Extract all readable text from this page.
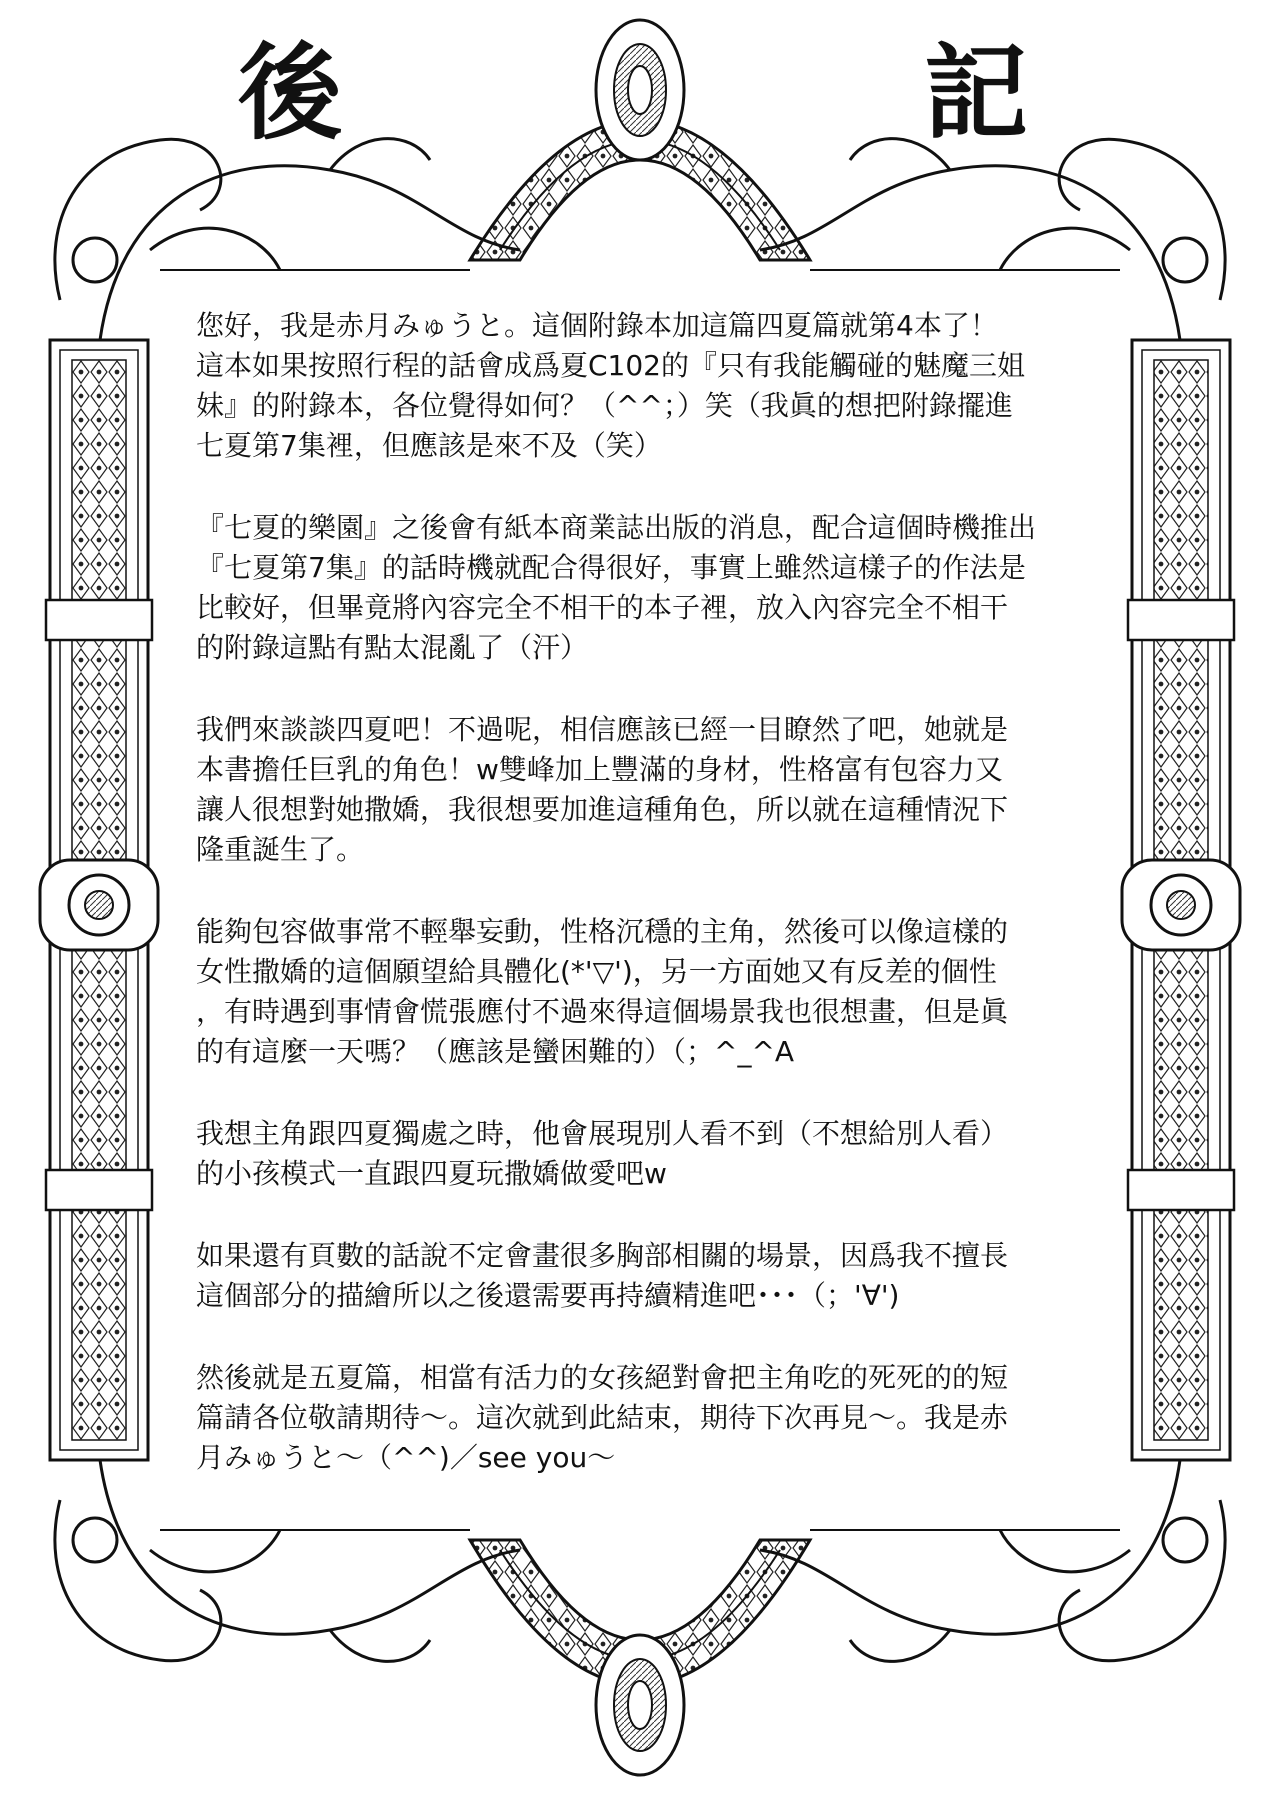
後	記
您好，我是赤月みゅうと。這個附錄本加這篇四夏篇就第4本了！
這本如果按照行程的話會成爲夏C102的『只有我能觸碰的魅魔三姐
妹』的附錄本，各位覺得如何？（^^；）笑（我眞的想把附錄擺進
七夏第7集裡，但應該是來不及（笑）
『七夏的樂園』之後會有紙本商業誌出版的消息，配合這個時機推出
『七夏第7集』的話時機就配合得很好，事實上雖然這樣子的作法是
比較好，但畢竟將內容完全不相干的本子裡，放入內容完全不相干
的附錄這點有點太混亂了（汗）
我們來談談四夏吧！不過呢，相信應該已經一目瞭然了吧，她就是
本書擔任巨乳的角色！w雙峰加上豐滿的身材，性格富有包容力又
讓人很想對她撒嬌，我很想要加進這種角色，所以就在這種情況下
隆重誕生了。
能夠包容做事常不輕舉妄動，性格沉穩的主角，然後可以像這樣的
女性撒嬌的這個願望給具體化(*'▽')，另一方面她又有反差的個性
，有時遇到事情會慌張應付不過來得這個場景我也很想畫，但是眞
的有這麼一天嗎？（應該是蠻困難的）（；^_^A
我想主角跟四夏獨處之時，他會展現別人看不到（不想給別人看）
的小孩模式一直跟四夏玩撒嬌做愛吧w
如果還有頁數的話說不定會畫很多胸部相關的場景，因爲我不擅長
這個部分的描繪所以之後還需要再持續精進吧･･･（；'∀')
然後就是五夏篇，相當有活力的女孩絕對會把主角吃的死死的的短
篇請各位敬請期待～。這次就到此結束，期待下次再見～。我是赤
月みゅうと～（^^)／see you～
